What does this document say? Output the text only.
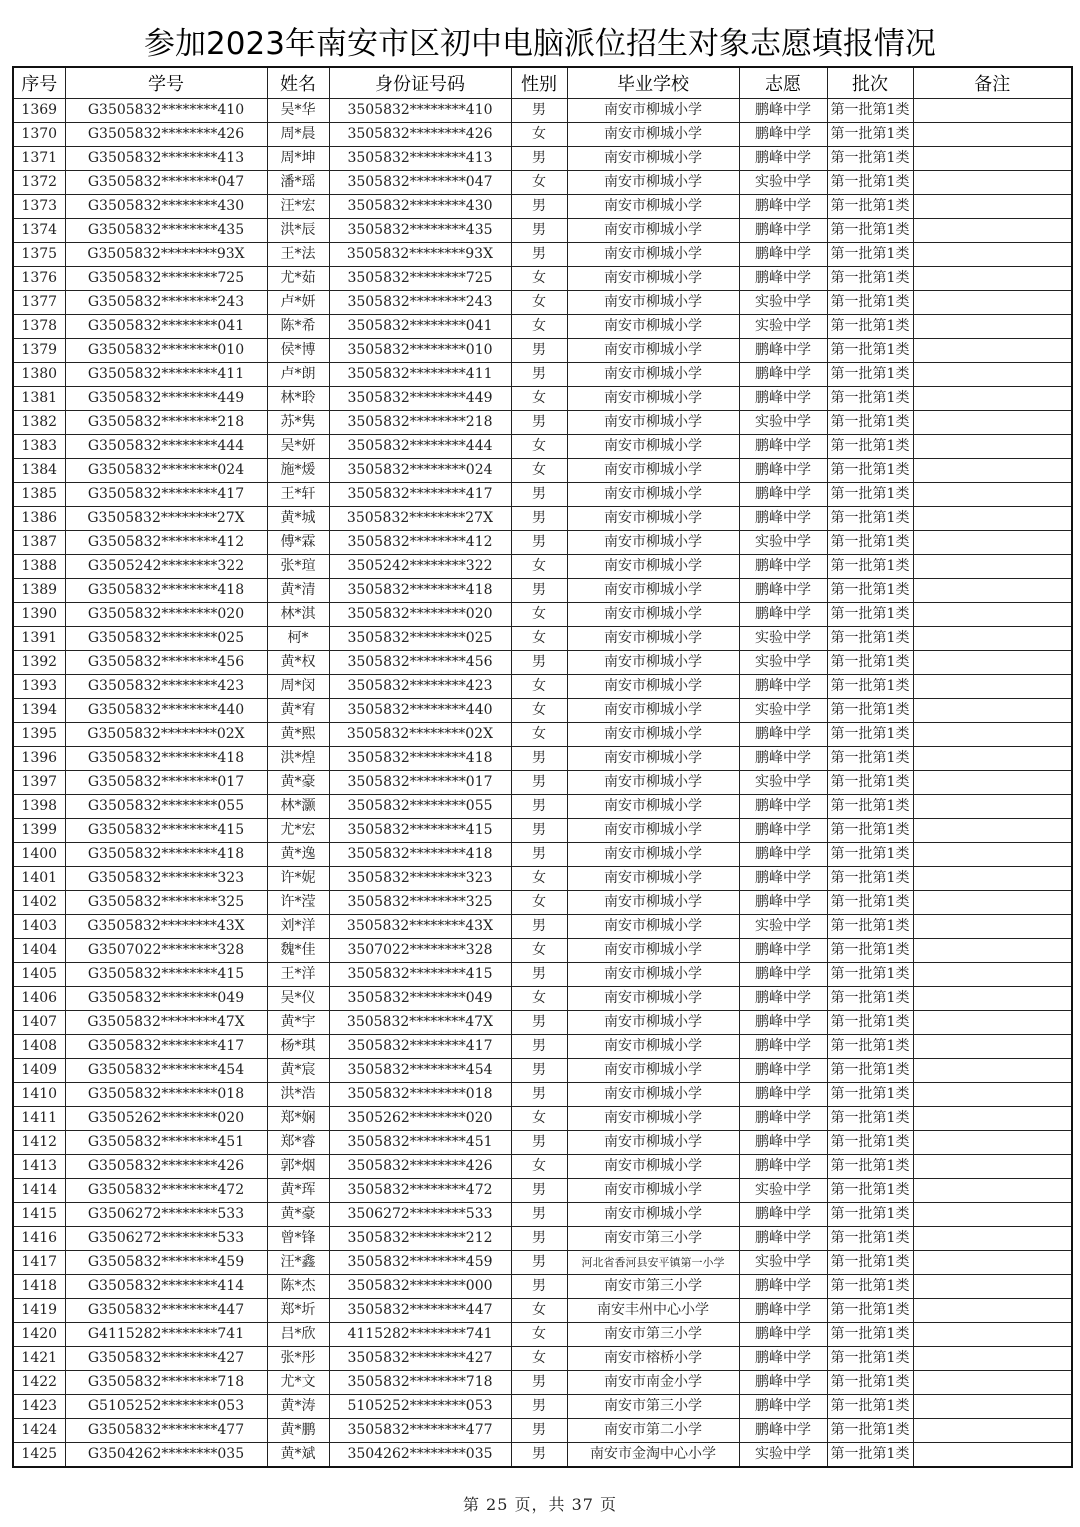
参加2023年南安市区初中电脑派位招生对象志愿填报情况
序号	学号	姓名	身份证号码	性别	毕业学校	志愿	批次	备注
1369	G3505832********410	吴*华	3505832********410	男	南安市柳城小学	鹏峰中学	第一批第1类	
1370	G3505832********426	周*晨	3505832********426	女	南安市柳城小学	鹏峰中学	第一批第1类	
1371	G3505832********413	周*坤	3505832********413	男	南安市柳城小学	鹏峰中学	第一批第1类	
1372	G3505832********047	潘*瑶	3505832********047	女	南安市柳城小学	实验中学	第一批第1类	
1373	G3505832********430	汪*宏	3505832********430	男	南安市柳城小学	鹏峰中学	第一批第1类	
1374	G3505832********435	洪*辰	3505832********435	男	南安市柳城小学	鹏峰中学	第一批第1类	
1375	G3505832********93X	王*法	3505832********93X	男	南安市柳城小学	鹏峰中学	第一批第1类	
1376	G3505832********725	尤*茹	3505832********725	女	南安市柳城小学	鹏峰中学	第一批第1类	
1377	G3505832********243	卢*妍	3505832********243	女	南安市柳城小学	实验中学	第一批第1类	
1378	G3505832********041	陈*希	3505832********041	女	南安市柳城小学	实验中学	第一批第1类	
1379	G3505832********010	侯*博	3505832********010	男	南安市柳城小学	鹏峰中学	第一批第1类	
1380	G3505832********411	卢*朗	3505832********411	男	南安市柳城小学	鹏峰中学	第一批第1类	
1381	G3505832********449	林*聆	3505832********449	女	南安市柳城小学	鹏峰中学	第一批第1类	
1382	G3505832********218	苏*隽	3505832********218	男	南安市柳城小学	实验中学	第一批第1类	
1383	G3505832********444	吴*妍	3505832********444	女	南安市柳城小学	鹏峰中学	第一批第1类	
1384	G3505832********024	施*煖	3505832********024	女	南安市柳城小学	鹏峰中学	第一批第1类	
1385	G3505832********417	王*轩	3505832********417	男	南安市柳城小学	鹏峰中学	第一批第1类	
1386	G3505832********27X	黄*城	3505832********27X	男	南安市柳城小学	鹏峰中学	第一批第1类	
1387	G3505832********412	傅*霖	3505832********412	男	南安市柳城小学	实验中学	第一批第1类	
1388	G3505242********322	张*瑄	3505242********322	女	南安市柳城小学	鹏峰中学	第一批第1类	
1389	G3505832********418	黄*清	3505832********418	男	南安市柳城小学	鹏峰中学	第一批第1类	
1390	G3505832********020	林*淇	3505832********020	女	南安市柳城小学	鹏峰中学	第一批第1类	
1391	G3505832********025	柯*	3505832********025	女	南安市柳城小学	实验中学	第一批第1类	
1392	G3505832********456	黄*权	3505832********456	男	南安市柳城小学	实验中学	第一批第1类	
1393	G3505832********423	周*闵	3505832********423	女	南安市柳城小学	鹏峰中学	第一批第1类	
1394	G3505832********440	黄*宥	3505832********440	女	南安市柳城小学	实验中学	第一批第1类	
1395	G3505832********02X	黄*熙	3505832********02X	女	南安市柳城小学	鹏峰中学	第一批第1类	
1396	G3505832********418	洪*煌	3505832********418	男	南安市柳城小学	鹏峰中学	第一批第1类	
1397	G3505832********017	黄*豪	3505832********017	男	南安市柳城小学	实验中学	第一批第1类	
1398	G3505832********055	林*灏	3505832********055	男	南安市柳城小学	鹏峰中学	第一批第1类	
1399	G3505832********415	尤*宏	3505832********415	男	南安市柳城小学	鹏峰中学	第一批第1类	
1400	G3505832********418	黄*逸	3505832********418	男	南安市柳城小学	鹏峰中学	第一批第1类	
1401	G3505832********323	许*妮	3505832********323	女	南安市柳城小学	鹏峰中学	第一批第1类	
1402	G3505832********325	许*滢	3505832********325	女	南安市柳城小学	鹏峰中学	第一批第1类	
1403	G3505832********43X	刘*洋	3505832********43X	男	南安市柳城小学	实验中学	第一批第1类	
1404	G3507022********328	魏*佳	3507022********328	女	南安市柳城小学	鹏峰中学	第一批第1类	
1405	G3505832********415	王*洋	3505832********415	男	南安市柳城小学	鹏峰中学	第一批第1类	
1406	G3505832********049	吴*仪	3505832********049	女	南安市柳城小学	鹏峰中学	第一批第1类	
1407	G3505832********47X	黄*宇	3505832********47X	男	南安市柳城小学	鹏峰中学	第一批第1类	
1408	G3505832********417	杨*琪	3505832********417	男	南安市柳城小学	鹏峰中学	第一批第1类	
1409	G3505832********454	黄*宸	3505832********454	男	南安市柳城小学	鹏峰中学	第一批第1类	
1410	G3505832********018	洪*浩	3505832********018	男	南安市柳城小学	鹏峰中学	第一批第1类	
1411	G3505262********020	郑*娴	3505262********020	女	南安市柳城小学	鹏峰中学	第一批第1类	
1412	G3505832********451	郑*睿	3505832********451	男	南安市柳城小学	鹏峰中学	第一批第1类	
1413	G3505832********426	郭*烟	3505832********426	女	南安市柳城小学	鹏峰中学	第一批第1类	
1414	G3505832********472	黄*珲	3505832********472	男	南安市柳城小学	实验中学	第一批第1类	
1415	G3506272********533	黄*豪	3506272********533	男	南安市柳城小学	鹏峰中学	第一批第1类	
1416	G3506272********533	曾*锋	3505832********212	男	南安市第三小学	鹏峰中学	第一批第1类	
1417	G3505832********459	汪*鑫	3505832********459	男	河北省香河县安平镇第一小学	实验中学	第一批第1类	
1418	G3505832********414	陈*杰	3505832********000	男	南安市第三小学	鹏峰中学	第一批第1类	
1419	G3505832********447	郑*圻	3505832********447	女	南安丰州中心小学	鹏峰中学	第一批第1类	
1420	G4115282********741	吕*欣	4115282********741	女	南安市第三小学	鹏峰中学	第一批第1类	
1421	G3505832********427	张*彤	3505832********427	女	南安市榕桥小学	鹏峰中学	第一批第1类	
1422	G3505832********718	尤*文	3505832********718	男	南安市南金小学	鹏峰中学	第一批第1类	
1423	G5105252********053	黄*涛	5105252********053	男	南安市第三小学	鹏峰中学	第一批第1类	
1424	G3505832********477	黄*鹏	3505832********477	男	南安市第二小学	鹏峰中学	第一批第1类	
1425	G3504262********035	黄*斌	3504262********035	男	南安市金淘中心小学	实验中学	第一批第1类	
第 25 页，共 37 页
